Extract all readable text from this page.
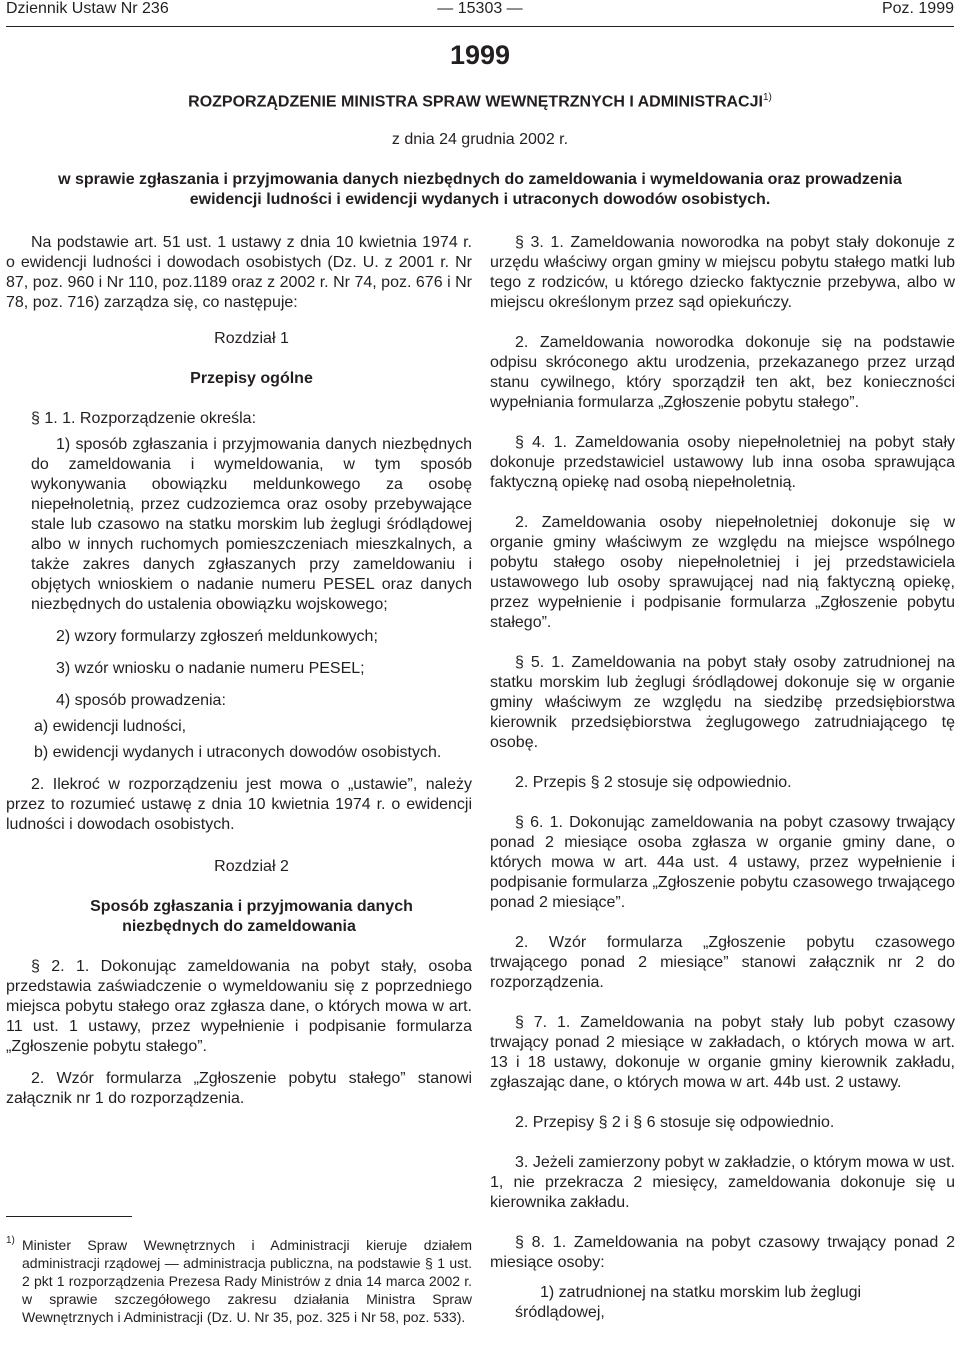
Dziennik Ustaw Nr 236	— 15303 —	Poz. 1999
1999
ROZPORZĄDZENIE MINISTRA SPRAW WEWNĘTRZNYCH I ADMINISTRACJI$^{1)}$
z dnia 24 grudnia 2002 r.
w sprawie zgłaszania i przyjmowania danych niezbędnych do zameldowania i wymeldowania oraz prowadzenia ewidencji ludności i ewidencji wydanych i utraconych dowodów osobistych.

Na podstawie art. 51 ust. 1 ustawy z dnia 10 kwietnia 1974 r. o ewidencji ludności i dowodach osobistych (Dz. U. z 2001 r. Nr 87, poz. 960 i Nr 110, poz.1189 oraz z 2002 r. Nr 74, poz. 676 i Nr 78, poz. 716) zarządza się, co następuje:

Rozdział 1

Przepisy ogólne

§ 1. 1. Rozporządzenie określa:

1) sposób zgłaszania i przyjmowania danych niezbędnych do zameldowania i wymeldowania, w tym sposób wykonywania obowiązku meldunkowego za osobę niepełnoletnią, przez cudzoziemca oraz osoby przebywające stale lub czasowo na statku morskim lub żeglugi śródlądowej albo w innych ruchomych pomieszczeniach mieszkalnych, a także zakres danych zgłaszanych przy zameldowaniu i objętych wnioskiem o nadanie numeru PESEL oraz danych niezbędnych do ustalenia obowiązku wojskowego;

2) wzory formularzy zgłoszeń meldunkowych;

3) wzór wniosku o nadanie numeru PESEL;

4) sposób prowadzenia:

a) ewidencji ludności,

b) ewidencji wydanych i utraconych dowodów osobistych.

2. Ilekroć w rozporządzeniu jest mowa o „ustawie”, należy przez to rozumieć ustawę z dnia 10 kwietnia 1974 r. o ewidencji ludności i dowodach osobistych.

Rozdział 2

Sposób zgłaszania i przyjmowania danych niezbędnych do zameldowania

§ 2. 1. Dokonując zameldowania na pobyt stały, osoba przedstawia zaświadczenie o wymeldowaniu się z poprzedniego miejsca pobytu stałego oraz zgłasza dane, o których mowa w art. 11 ust. 1 ustawy, przez wypełnienie i podpisanie formularza „Zgłoszenie pobytu stałego”.

2. Wzór formularza „Zgłoszenie pobytu stałego” stanowi załącznik nr 1 do rozporządzenia.

1) Minister Spraw Wewnętrznych i Administracji kieruje działem administracji rządowej — administracja publiczna, na podstawie § 1 ust. 2 pkt 1 rozporządzenia Prezesa Rady Ministrów z dnia 14 marca 2002 r. w sprawie szczegółowego zakresu działania Ministra Spraw Wewnętrznych i Administracji (Dz. U. Nr 35, poz. 325 i Nr 58, poz. 533).

§ 3. 1. Zameldowania noworodka na pobyt stały dokonuje z urzędu właściwy organ gminy w miejscu pobytu stałego matki lub tego z rodziców, u którego dziecko faktycznie przebywa, albo w miejscu określonym przez sąd opiekuńczy.

2. Zameldowania noworodka dokonuje się na podstawie odpisu skróconego aktu urodzenia, przekazanego przez urząd stanu cywilnego, który sporządził ten akt, bez konieczności wypełniania formularza „Zgłoszenie pobytu stałego”.

§ 4. 1. Zameldowania osoby niepełnoletniej na pobyt stały dokonuje przedstawiciel ustawowy lub inna osoba sprawująca faktyczną opiekę nad osobą niepełnoletnią.

2. Zameldowania osoby niepełnoletniej dokonuje się w organie gminy właściwym ze względu na miejsce wspólnego pobytu stałego osoby niepełnoletniej i jej przedstawiciela ustawowego lub osoby sprawującej nad nią faktyczną opiekę, przez wypełnienie i podpisanie formularza „Zgłoszenie pobytu stałego”.

§ 5. 1. Zameldowania na pobyt stały osoby zatrudnionej na statku morskim lub żeglugi śródlądowej dokonuje się w organie gminy właściwym ze względu na siedzibę przedsiębiorstwa kierownik przedsiębiorstwa żeglugowego zatrudniającego tę osobę.

2. Przepis § 2 stosuje się odpowiednio.

§ 6. 1. Dokonując zameldowania na pobyt czasowy trwający ponad 2 miesiące osoba zgłasza w organie gminy dane, o których mowa w art. 44a ust. 4 ustawy, przez wypełnienie i podpisanie formularza „Zgłoszenie pobytu czasowego trwającego ponad 2 miesiące”.

2. Wzór formularza „Zgłoszenie pobytu czasowego trwającego ponad 2 miesiące” stanowi załącznik nr 2 do rozporządzenia.

§ 7. 1. Zameldowania na pobyt stały lub pobyt czasowy trwający ponad 2 miesiące w zakładach, o których mowa w art. 13 i 18 ustawy, dokonuje w organie gminy kierownik zakładu, zgłaszając dane, o których mowa w art. 44b ust. 2 ustawy.

2. Przepisy § 2 i § 6 stosuje się odpowiednio.

3. Jeżeli zamierzony pobyt w zakładzie, o którym mowa w ust. 1, nie przekracza 2 miesięcy, zameldowania dokonuje się u kierownika zakładu.

§ 8. 1. Zameldowania na pobyt czasowy trwający ponad 2 miesiące osoby:

1) zatrudnionej na statku morskim lub żeglugi śródlądowej,
